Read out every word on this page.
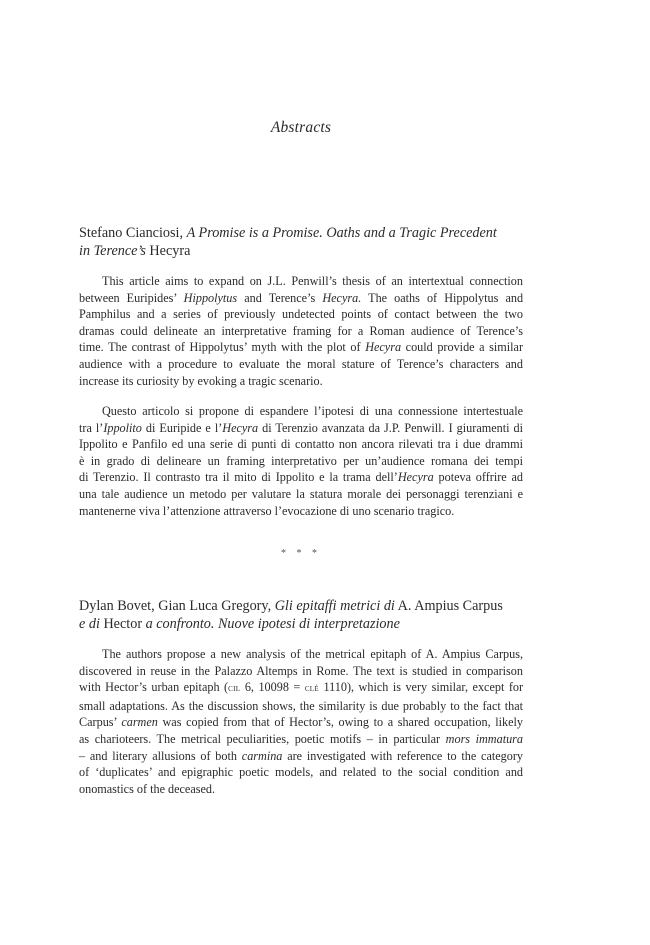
Abstracts
Stefano Cianciosi, A Promise is a Promise. Oaths and a Tragic Precedent
in Terence’s Hecyra
This article aims to expand on J.L. Penwill’s thesis of an intertextual connection
between Euripides’ Hippolytus and Terence’s Hecyra. The oaths of Hippolytus and
Pamphilus and a series of previously undetected points of contact between the two
dramas could delineate an interpretative framing for a Roman audience of Terence’s
time. The contrast of Hippolytus’ myth with the plot of Hecyra could provide a similar
audience with a procedure to evaluate the moral stature of Terence’s characters and
increase its curiosity by evoking a tragic scenario.
Questo articolo si propone di espandere l’ipotesi di una connessione intertestuale
tra l’Ippolito di Euripide e l’Hecyra di Terenzio avanzata da J.P. Penwill. I giuramenti di
Ippolito e Panfilo ed una serie di punti di contatto non ancora rilevati tra i due drammi
è in grado di delineare un framing interpretativo per un’audience romana dei tempi
di Terenzio. Il contrasto tra il mito di Ippolito e la trama dell’Hecyra poteva offrire ad
una tale audience un metodo per valutare la statura morale dei personaggi terenziani e
mantenerne viva l’attenzione attraverso l’evocazione di uno scenario tragico.
* * *
Dylan Bovet, Gian Luca Gregory, Gli epitaffi metrici di A. Ampius Carpus
e di Hector a confronto. Nuove ipotesi di interpretazione
The authors propose a new analysis of the metrical epitaph of A. Ampius Carpus,
discovered in reuse in the Palazzo Altemps in Rome. The text is studied in comparison
with Hector’s urban epitaph (cil 6, 10098 = clé 1110), which is very similar, except for
small adaptations. As the discussion shows, the similarity is due probably to the fact that
Carpus’ carmen was copied from that of Hector’s, owing to a shared occupation, likely
as charioteers. The metrical peculiarities, poetic motifs – in particular mors immatura
– and literary allusions of both carmina are investigated with reference to the category
of ‘duplicates’ and epigraphic poetic models, and related to the social condition and
onomastics of the deceased.
